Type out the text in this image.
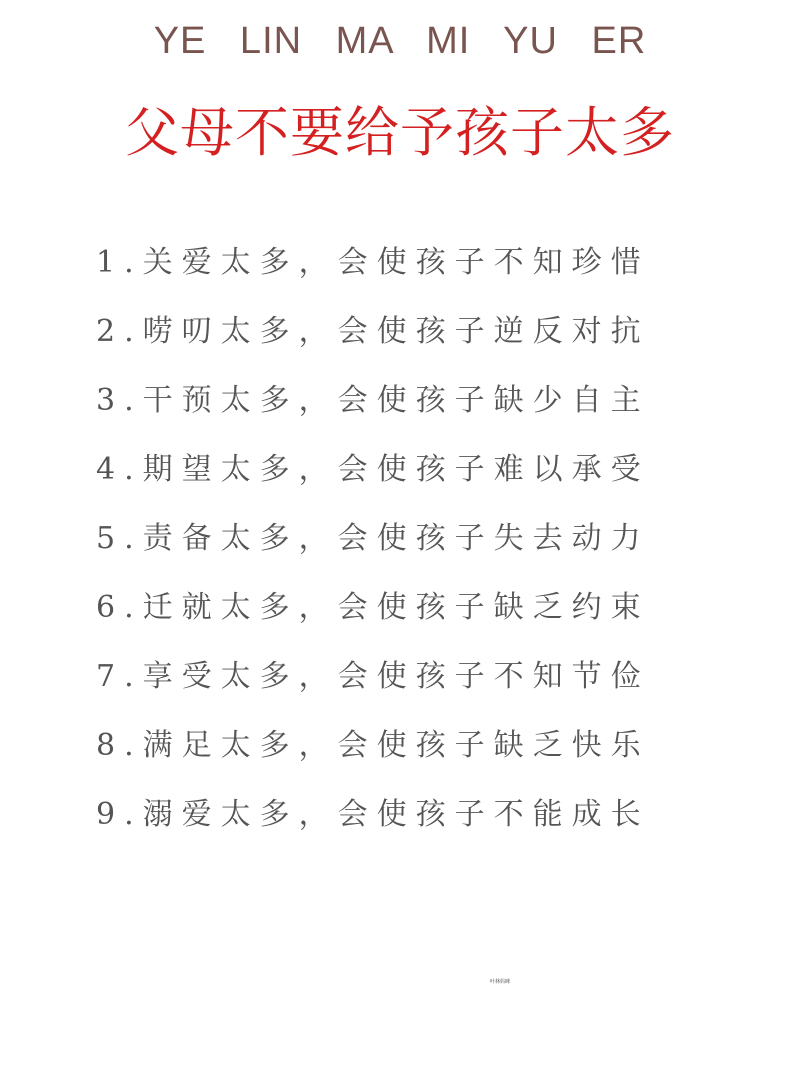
YE LIN MA MI YU ER
父母不要给予孩子太多
1. 关爱太多，会使孩子不知珍惜
2. 唠叨太多，会使孩子逆反对抗
3. 干预太多，会使孩子缺少自主
4. 期望太多，会使孩子难以承受
5. 责备太多，会使孩子失去动力
6. 迁就太多，会使孩子缺乏约束
7. 享受太多，会使孩子不知节俭
8. 满足太多，会使孩子缺乏快乐
9. 溺爱太多，会使孩子不能成长
叶林妈咪
